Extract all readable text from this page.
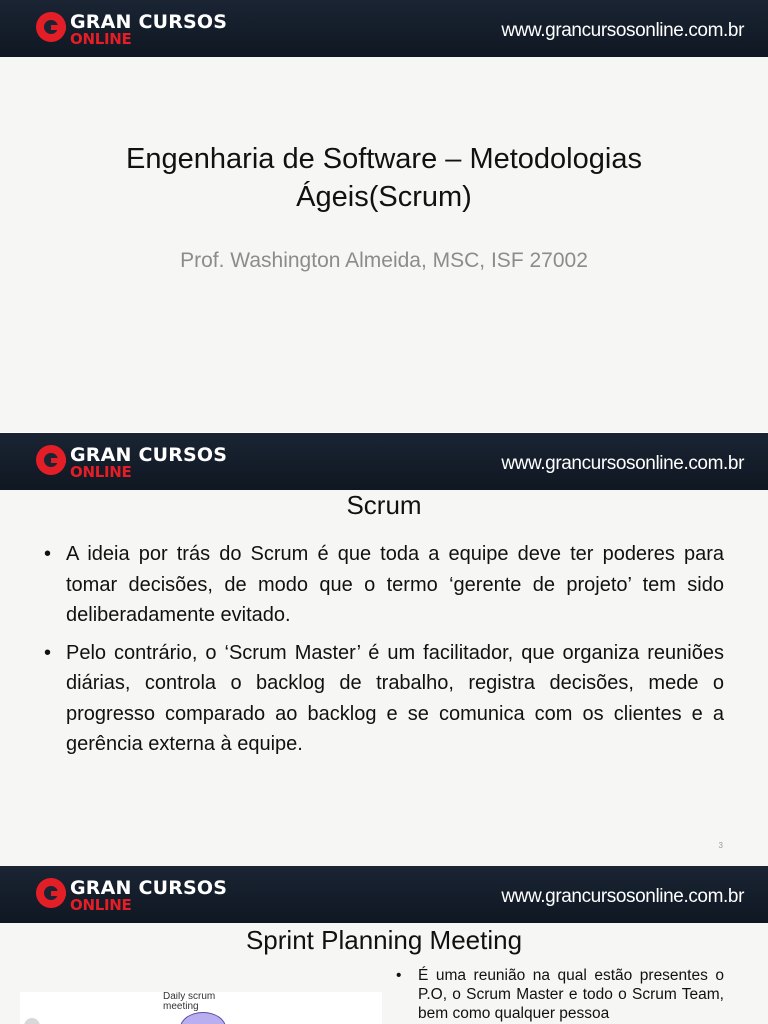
GRAN CURSOS
ONLINE	www.grancursosonline.com.br
Engenharia de Software – Metodologias
Ágeis(Scrum)
Prof. Washington Almeida, MSC, ISF 27002
GRAN CURSOS
ONLINE	www.grancursosonline.com.br
Scrum
• A ideia por trás do Scrum é que toda a equipe deve ter poderes para tomar decisões, de modo que o termo ‘gerente de projeto’ tem sido deliberadamente evitado.
• Pelo contrário, o ‘Scrum Master’ é um facilitador, que organiza reuniões diárias, controla o backlog de trabalho, registra decisões, mede o progresso comparado ao backlog e se comunica com os clientes e a gerência externa à equipe.
3
GRAN CURSOS
ONLINE	www.grancursosonline.com.br
Sprint Planning Meeting
Daily scrum
meeting
• É uma reunião na qual estão presentes o P.O, o Scrum Master e todo o Scrum Team, bem como qualquer pessoa
